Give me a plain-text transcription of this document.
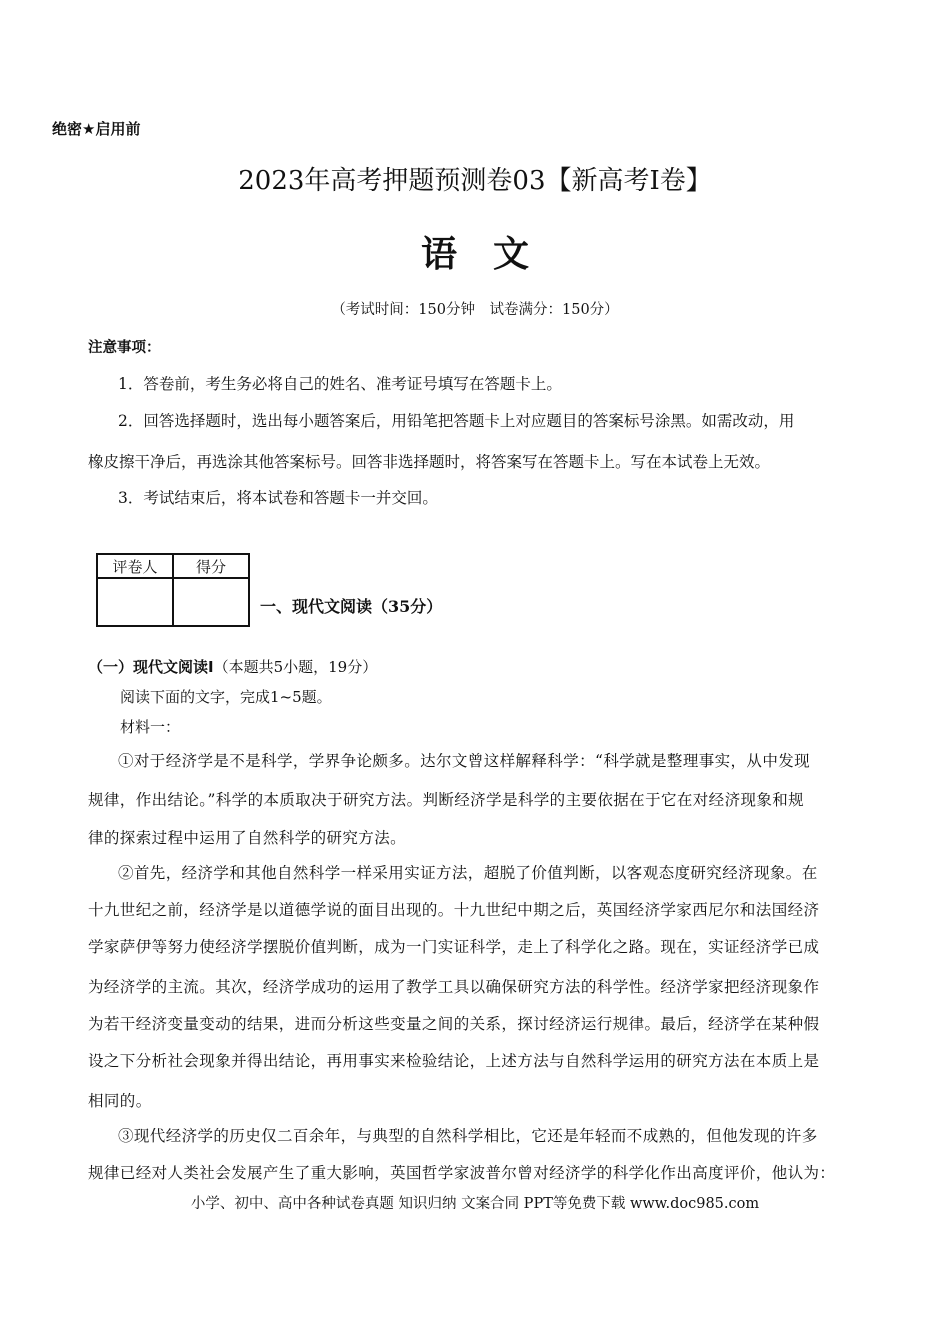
绝密★启用前
2023年高考押题预测卷03【新高考I卷】
语文
（考试时间：150分钟　试卷满分：150分）
注意事项：
1．答卷前，考生务必将自己的姓名、准考证号填写在答题卡上。
2．回答选择题时，选出每小题答案后，用铅笔把答题卡上对应题目的答案标号涂黑。如需改动，用
橡皮擦干净后，再选涂其他答案标号。回答非选择题时，将答案写在答题卡上。写在本试卷上无效。
3．考试结束后，将本试卷和答题卡一并交回。
评卷人	得分

一、现代文阅读（35分）
（一）现代文阅读I（本题共5小题，19分）
阅读下面的文字，完成1~5题。
材料一：
①对于经济学是不是科学，学界争论颇多。达尔文曾这样解释科学：“科学就是整理事实，从中发现
规律，作出结论。”科学的本质取决于研究方法。判断经济学是科学的主要依据在于它在对经济现象和规
律的探索过程中运用了自然科学的研究方法。
②首先，经济学和其他自然科学一样采用实证方法，超脱了价值判断，以客观态度研究经济现象。在
十九世纪之前，经济学是以道德学说的面目出现的。十九世纪中期之后，英国经济学家西尼尔和法国经济
学家萨伊等努力使经济学摆脱价值判断，成为一门实证科学，走上了科学化之路。现在，实证经济学已成
为经济学的主流。其次，经济学成功的运用了教学工具以确保研究方法的科学性。经济学家把经济现象作
为若干经济变量变动的结果，进而分析这些变量之间的关系，探讨经济运行规律。最后，经济学在某种假
设之下分析社会现象并得出结论，再用事实来检验结论，上述方法与自然科学运用的研究方法在本质上是
相同的。
③现代经济学的历史仅二百余年，与典型的自然科学相比，它还是年轻而不成熟的，但他发现的许多
规律已经对人类社会发展产生了重大影响，英国哲学家波普尔曾对经济学的科学化作出高度评价，他认为：
小学、初中、高中各种试卷真题 知识归纳 文案合同 PPT等免费下载 www.doc985.com
